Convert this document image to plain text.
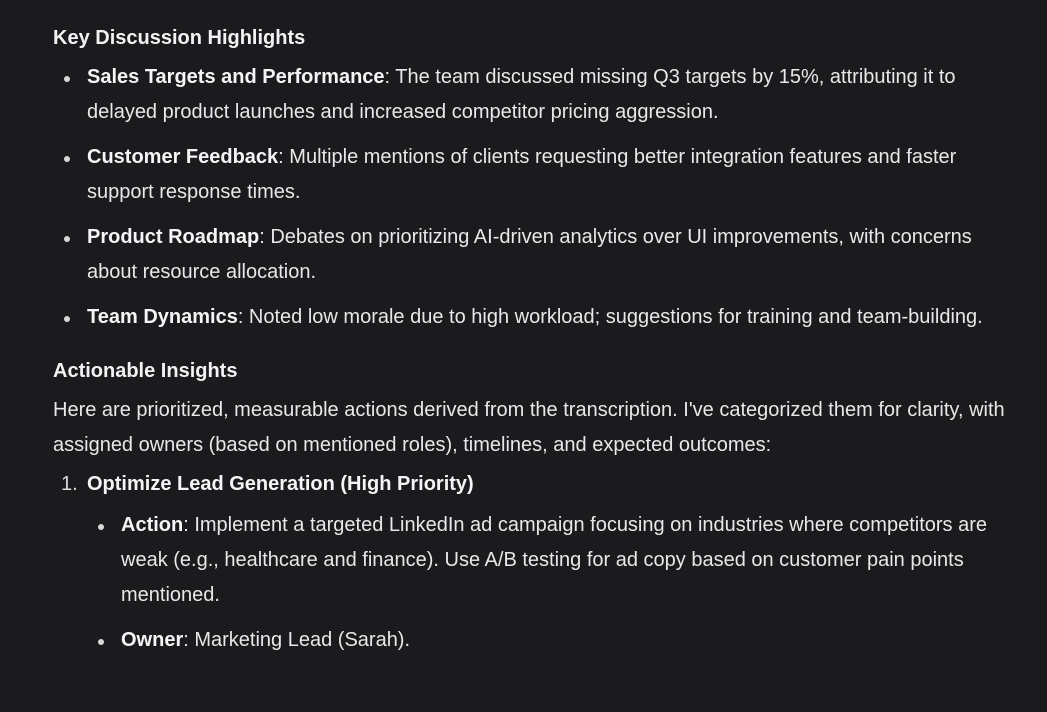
Key Discussion Highlights

Sales Targets and Performance: The team discussed missing Q3 targets by 15%, attributing it to delayed product launches and increased competitor pricing aggression.
Customer Feedback: Multiple mentions of clients requesting better integration features and faster support response times.
Product Roadmap: Debates on prioritizing AI-driven analytics over UI improvements, with concerns about resource allocation.
Team Dynamics: Noted low morale due to high workload; suggestions for training and team-building.

Actionable Insights

Here are prioritized, measurable actions derived from the transcription. I've categorized them for clarity, with assigned owners (based on mentioned roles), timelines, and expected outcomes:

1. Optimize Lead Generation (High Priority)
Action: Implement a targeted LinkedIn ad campaign focusing on industries where competitors are weak (e.g., healthcare and finance). Use A/B testing for ad copy based on customer pain points mentioned.
Owner: Marketing Lead (Sarah).
